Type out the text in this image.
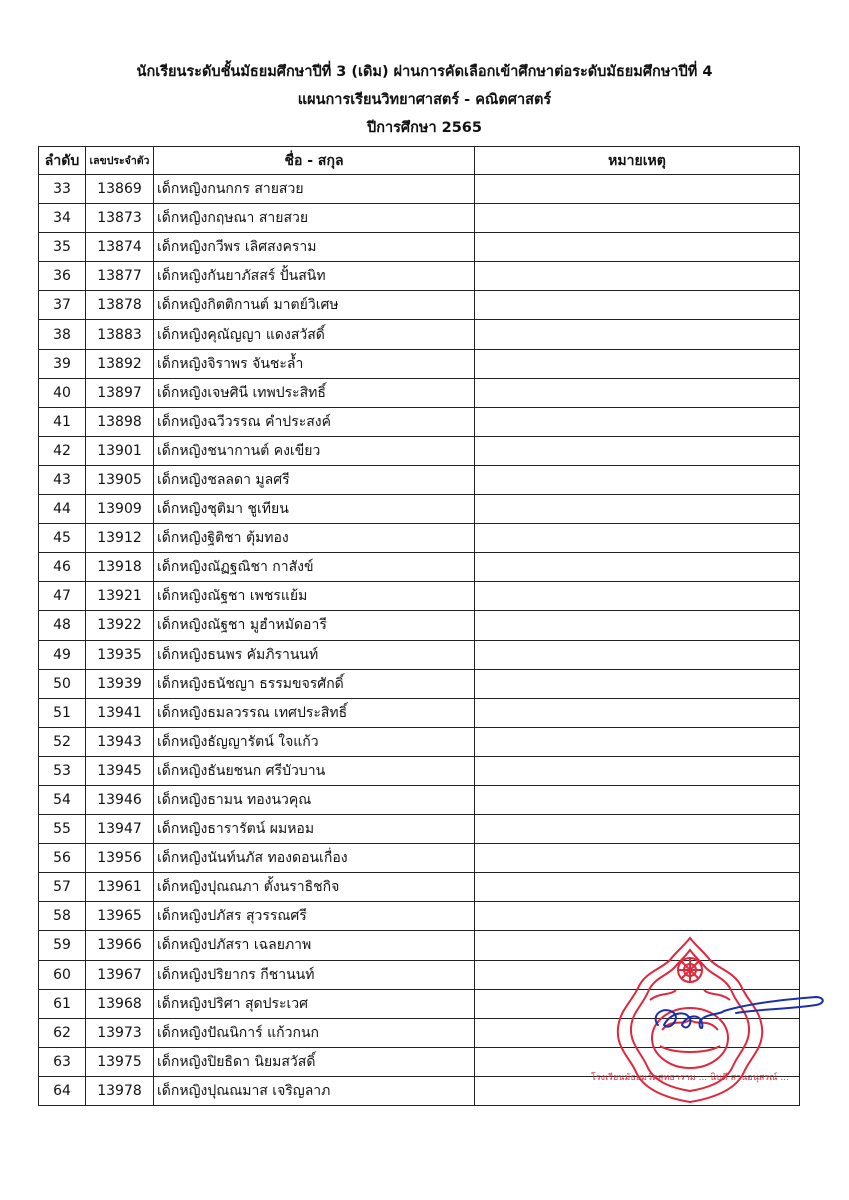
นักเรียนระดับชั้นมัธยมศึกษาปีที่ 3 (เดิม) ผ่านการคัดเลือกเข้าศึกษาต่อระดับมัธยมศึกษาปีที่ 4
แผนการเรียนวิทยาศาสตร์ - คณิตศาสตร์
ปีการศึกษา 2565
ลำดับ	เลขประจำตัว	ชื่อ - สกุล	หมายเหตุ
33	13869	เด็กหญิงกนกกร สายสวย	
34	13873	เด็กหญิงกฤษณา สายสวย	
35	13874	เด็กหญิงกวีพร เลิศสงคราม	
36	13877	เด็กหญิงกันยาภัสสร์ ปั้นสนิท	
37	13878	เด็กหญิงกิตติกานต์ มาตย์วิเศษ	
38	13883	เด็กหญิงคุณัญญา แดงสวัสดิ์	
39	13892	เด็กหญิงจิราพร จันชะล้ำ	
40	13897	เด็กหญิงเจษศินี เทพประสิทธิ์	
41	13898	เด็กหญิงฉวีวรรณ คำประสงค์	
42	13901	เด็กหญิงชนากานต์ คงเขียว	
43	13905	เด็กหญิงชลลดา มูลศรี	
44	13909	เด็กหญิงชุติมา ชูเทียน	
45	13912	เด็กหญิงฐิติชา ตุ้มทอง	
46	13918	เด็กหญิงณัฏฐณิชา กาสังข์	
47	13921	เด็กหญิงณัฐชา เพชรแย้ม	
48	13922	เด็กหญิงณัฐชา มูฮำหมัดอารี	
49	13935	เด็กหญิงธนพร คัมภิรานนท์	
50	13939	เด็กหญิงธนัชญา ธรรมขจรศักดิ์	
51	13941	เด็กหญิงธมลวรรณ เทศประสิทธิ์	
52	13943	เด็กหญิงธัญญารัตน์ ใจแก้ว	
53	13945	เด็กหญิงธันยชนก ศรีบัวบาน	
54	13946	เด็กหญิงธามน ทองนวคุณ	
55	13947	เด็กหญิงธารารัตน์ ผมหอม	
56	13956	เด็กหญิงนันท์นภัส ทองดอนเกื่อง	
57	13961	เด็กหญิงปุณณภา ตั้งนราธิชกิจ	
58	13965	เด็กหญิงปภัสร สุวรรณศรี	
59	13966	เด็กหญิงปภัสรา เฉลยภาพ	
60	13967	เด็กหญิงปริยากร กีชานนท์	
61	13968	เด็กหญิงปริศา สุดประเวศ	
62	13973	เด็กหญิงปัณนิการ์ แก้วกนก	
63	13975	เด็กหญิงปิยธิดา นิยมสวัสดิ์	
64	13978	เด็กหญิงปุณณมาส เจริญลาภ	
โรงเรียนมัธยมวัดสุทธาราม ... นิบดี สวนอนุสรณ์ ...
